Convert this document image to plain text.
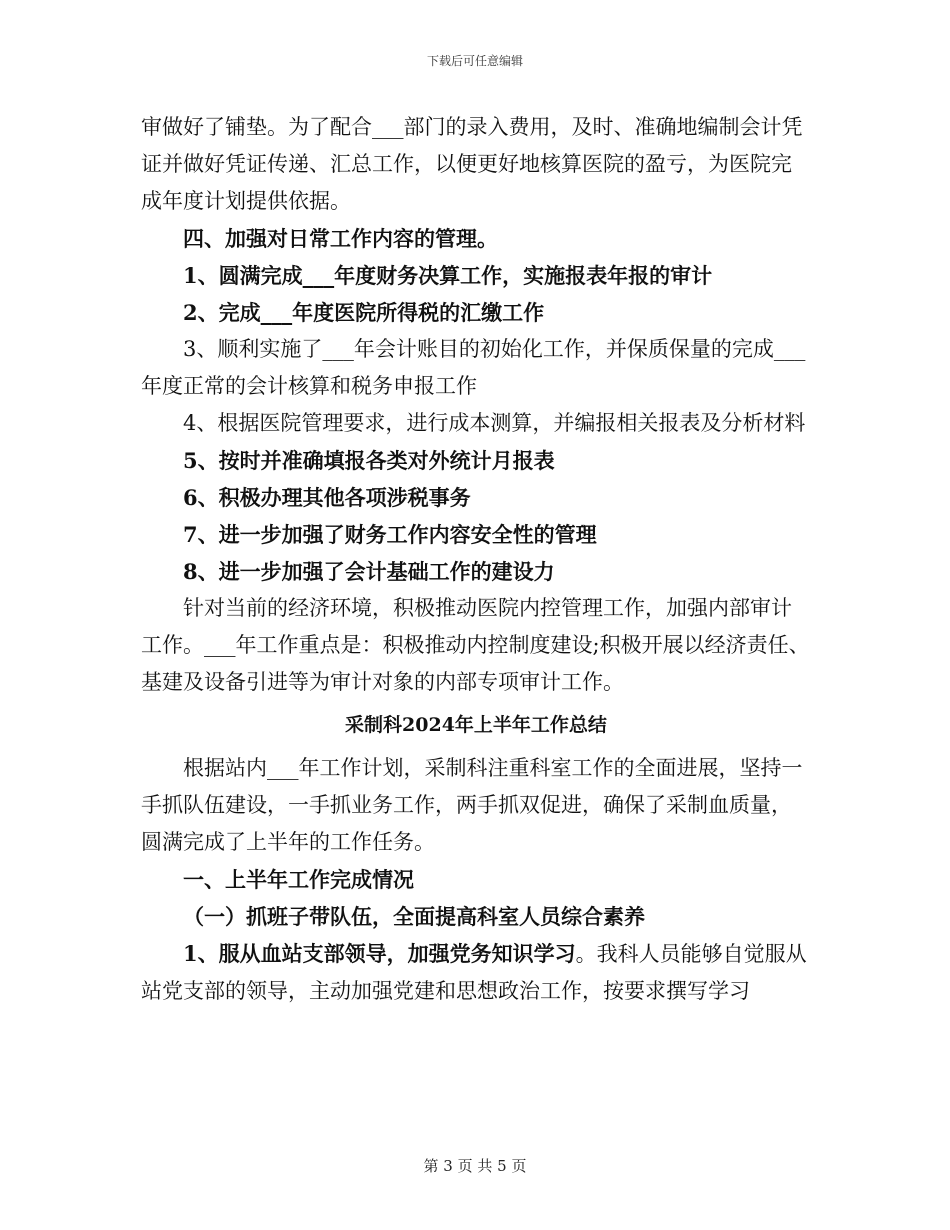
下载后可任意编辑

审做好了铺垫。为了配合___部门的录入费用，及时、准确地编制会计凭证并做好凭证传递、汇总工作，以便更好地核算医院的盈亏，为医院完成年度计划提供依据。

四、加强对日常工作内容的管理。

1、圆满完成___年度财务决算工作，实施报表年报的审计

2、完成___年度医院所得税的汇缴工作

3、顺利实施了___年会计账目的初始化工作，并保质保量的完成___年度正常的会计核算和税务申报工作

4、根据医院管理要求，进行成本测算，并编报相关报表及分析材料

5、按时并准确填报各类对外统计月报表

6、积极办理其他各项涉税事务

7、进一步加强了财务工作内容安全性的管理

8、进一步加强了会计基础工作的建设力

针对当前的经济环境，积极推动医院内控管理工作，加强内部审计工作。___年工作重点是：积极推动内控制度建设;积极开展以经济责任、基建及设备引进等为审计对象的内部专项审计工作。

采制科2024年上半年工作总结

根据站内___年工作计划，采制科注重科室工作的全面进展，坚持一手抓队伍建设，一手抓业务工作，两手抓双促进，确保了采制血质量，圆满完成了上半年的工作任务。

一、上半年工作完成情况

（一）抓班子带队伍，全面提高科室人员综合素养

1、服从血站支部领导，加强党务知识学习。我科人员能够自觉服从站党支部的领导，主动加强党建和思想政治工作，按要求撰写学习

第 3 页 共 5 页
